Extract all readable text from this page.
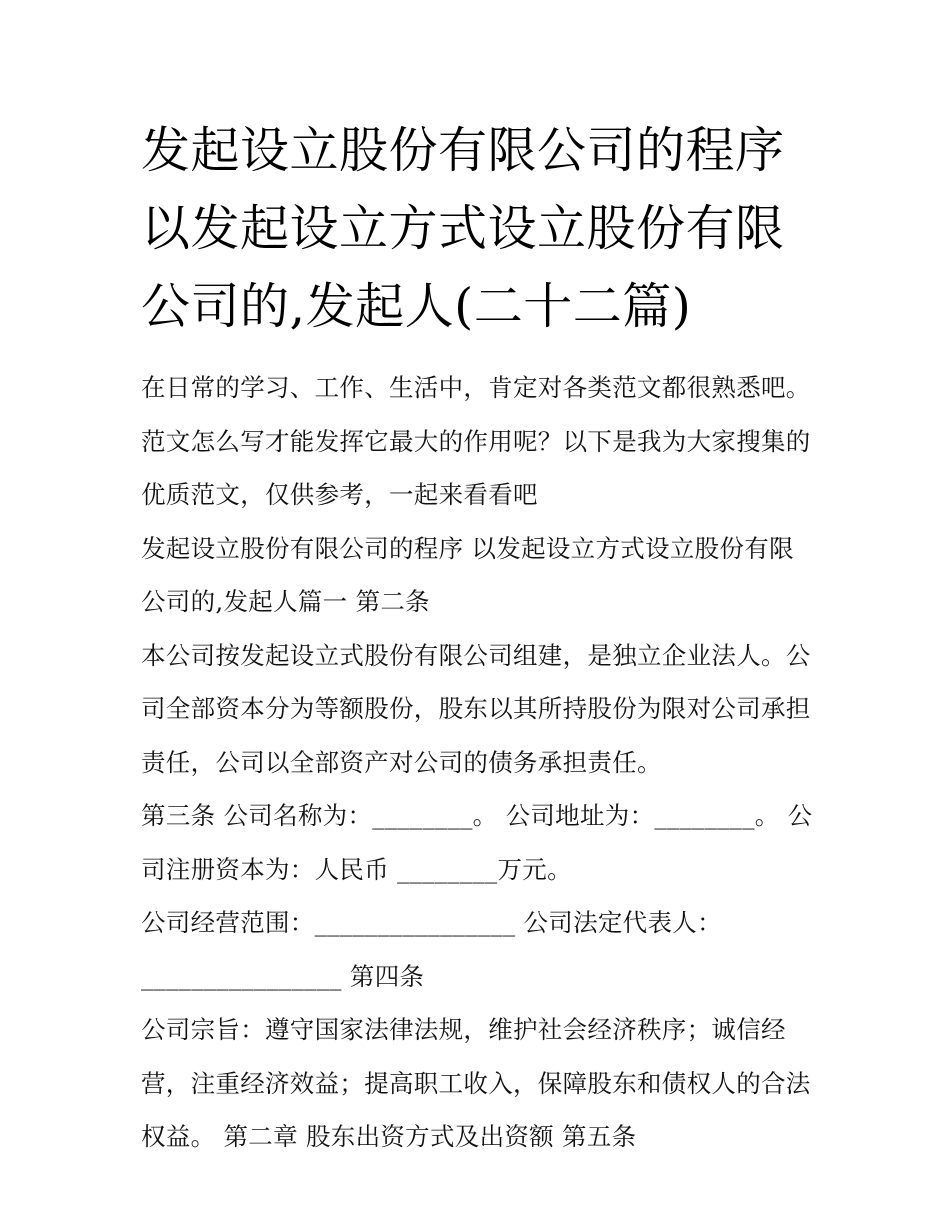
发起设立股份有限公司的程序
以发起设立方式设立股份有限
公司的,发起人(二十二篇)

在日常的学习、工作、生活中，肯定对各类范文都很熟悉吧。
范文怎么写才能发挥它最大的作用呢？以下是我为大家搜集的
优质范文，仅供参考，一起来看看吧

发起设立股份有限公司的程序 以发起设立方式设立股份有限
公司的,发起人篇一 第二条

本公司按发起设立式股份有限公司组建，是独立企业法人。公
司全部资本分为等额股份，股东以其所持股份为限对公司承担
责任，公司以全部资产对公司的债务承担责任。

第三条 公司名称为：________。 公司地址为：________。 公
司注册资本为：人民币 ________万元。

公司经营范围：________________ 公司法定代表人：
________________ 第四条

公司宗旨：遵守国家法律法规，维护社会经济秩序；诚信经
营，注重经济效益；提高职工收入，保障股东和债权人的合法
权益。 第二章 股东出资方式及出资额 第五条
